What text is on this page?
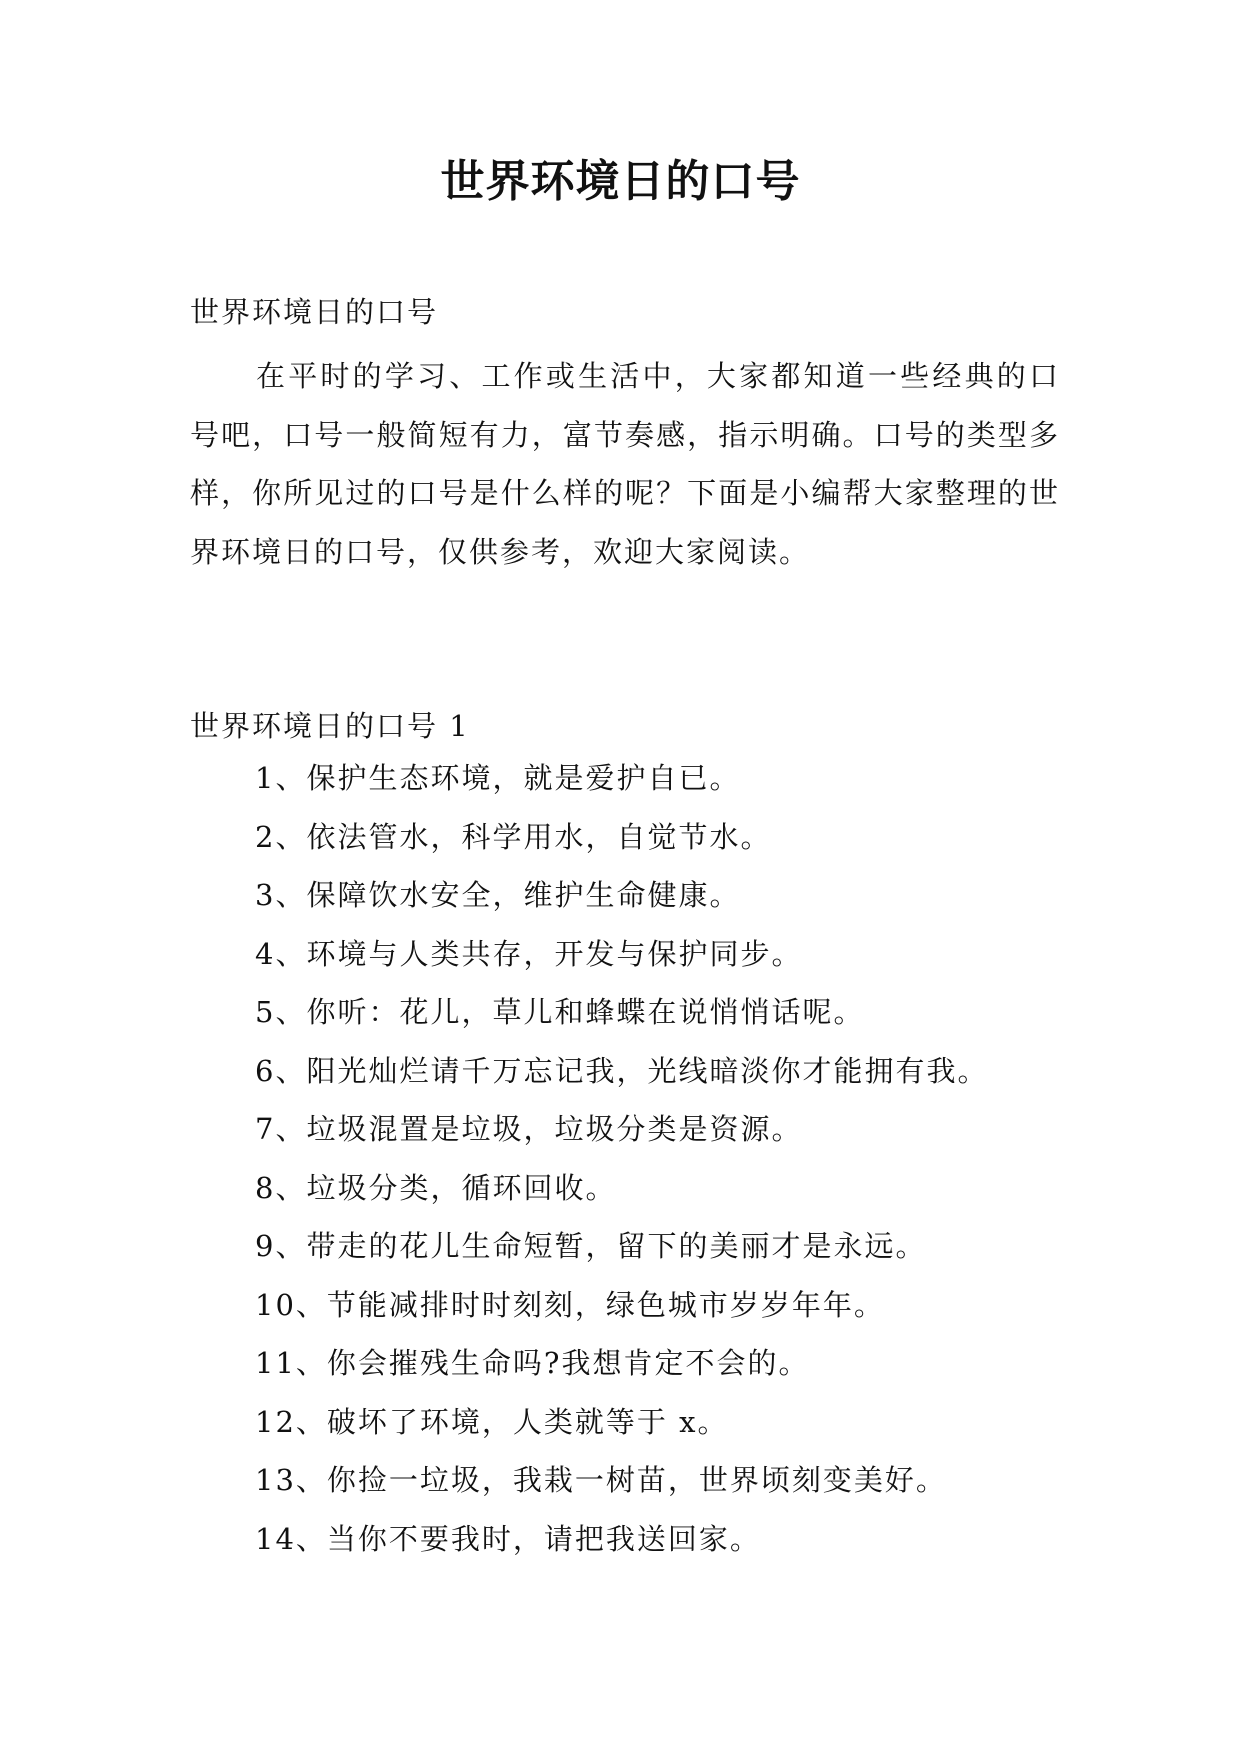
世界环境日的口号
世界环境日的口号

在平时的学习、工作或生活中，大家都知道一些经典的口号吧，口号一般简短有力，富节奏感，指示明确。口号的类型多样，你所见过的口号是什么样的呢？下面是小编帮大家整理的世界环境日的口号，仅供参考，欢迎大家阅读。

世界环境日的口号 1
1、保护生态环境，就是爱护自已。
2、依法管水，科学用水，自觉节水。
3、保障饮水安全，维护生命健康。
4、环境与人类共存，开发与保护同步。
5、你听：花儿，草儿和蜂蝶在说悄悄话呢。
6、阳光灿烂请千万忘记我，光线暗淡你才能拥有我。
7、垃圾混置是垃圾，垃圾分类是资源。
8、垃圾分类，循环回收。
9、带走的花儿生命短暂，留下的美丽才是永远。
10、节能减排时时刻刻，绿色城市岁岁年年。
11、你会摧残生命吗?我想肯定不会的。
12、破坏了环境，人类就等于 x。
13、你捡一垃圾，我栽一树苗，世界顷刻变美好。
14、当你不要我时，请把我送回家。
